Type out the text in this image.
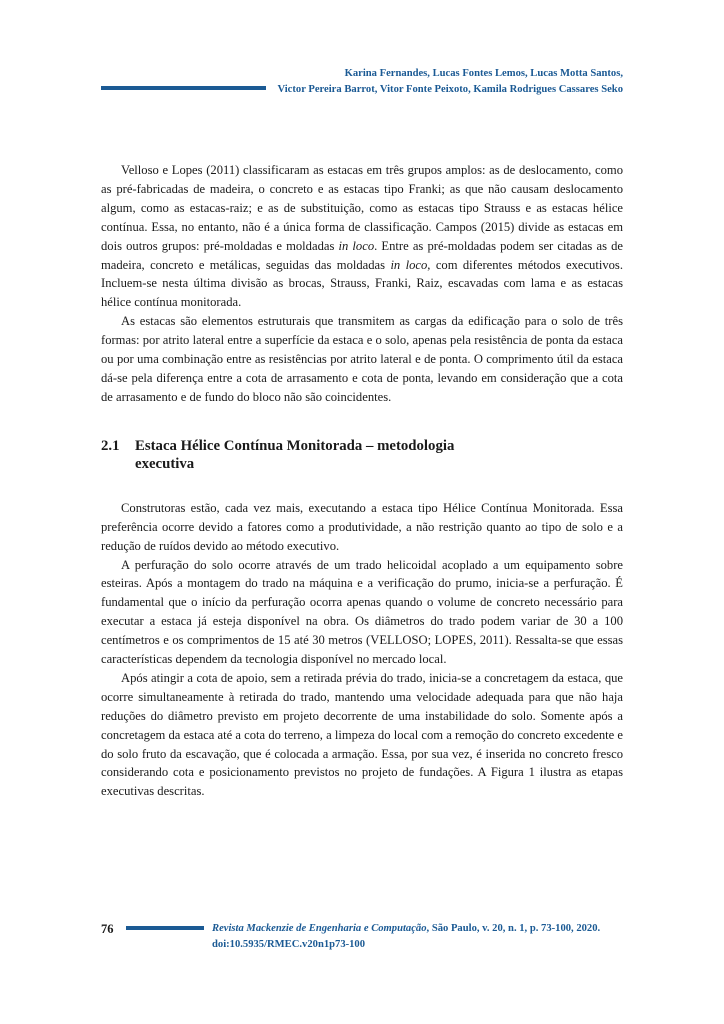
Karina Fernandes, Lucas Fontes Lemos, Lucas Motta Santos,
Victor Pereira Barrot, Vitor Fonte Peixoto, Kamila Rodrigues Cassares Seko

Velloso e Lopes (2011) classificaram as estacas em três grupos amplos: as de deslocamento, como as pré-fabricadas de madeira, o concreto e as estacas tipo Franki; as que não causam deslocamento algum, como as estacas-raiz; e as de substituição, como as estacas tipo Strauss e as estacas hélice contínua. Essa, no entanto, não é a única forma de classificação. Campos (2015) divide as estacas em dois outros grupos: pré-moldadas e moldadas in loco. Entre as pré-moldadas podem ser citadas as de madeira, concreto e metálicas, seguidas das moldadas in loco, com diferentes métodos executivos. Incluem-se nesta última divisão as brocas, Strauss, Franki, Raiz, escavadas com lama e as estacas hélice contínua monitorada.

As estacas são elementos estruturais que transmitem as cargas da edificação para o solo de três formas: por atrito lateral entre a superfície da estaca e o solo, apenas pela resistência de ponta da estaca ou por uma combinação entre as resistências por atrito lateral e de ponta. O comprimento útil da estaca dá-se pela diferença entre a cota de arrasamento e cota de ponta, levando em consideração que a cota de arrasamento e de fundo do bloco não são coincidentes.

2.1	Estaca Hélice Contínua Monitorada – metodologia executiva

Construtoras estão, cada vez mais, executando a estaca tipo Hélice Contínua Monitorada. Essa preferência ocorre devido a fatores como a produtividade, a não restrição quanto ao tipo de solo e a redução de ruídos devido ao método executivo.

A perfuração do solo ocorre através de um trado helicoidal acoplado a um equipamento sobre esteiras. Após a montagem do trado na máquina e a verificação do prumo, inicia-se a perfuração. É fundamental que o início da perfuração ocorra apenas quando o volume de concreto necessário para executar a estaca já esteja disponível na obra. Os diâmetros do trado podem variar de 30 a 100 centímetros e os comprimentos de 15 até 30 metros (VELLOSO; LOPES, 2011). Ressalta-se que essas características dependem da tecnologia disponível no mercado local.

Após atingir a cota de apoio, sem a retirada prévia do trado, inicia-se a concretagem da estaca, que ocorre simultaneamente à retirada do trado, mantendo uma velocidade adequada para que não haja reduções do diâmetro previsto em projeto decorrente de uma instabilidade do solo. Somente após a concretagem da estaca até a cota do terreno, a limpeza do local com a remoção do concreto excedente e do solo fruto da escavação, que é colocada a armação. Essa, por sua vez, é inserida no concreto fresco considerando cota e posicionamento previstos no projeto de fundações. A Figura 1 ilustra as etapas executivas descritas.

76	Revista Mackenzie de Engenharia e Computação, São Paulo, v. 20, n. 1, p. 73-100, 2020.
doi:10.5935/RMEC.v20n1p73-100
